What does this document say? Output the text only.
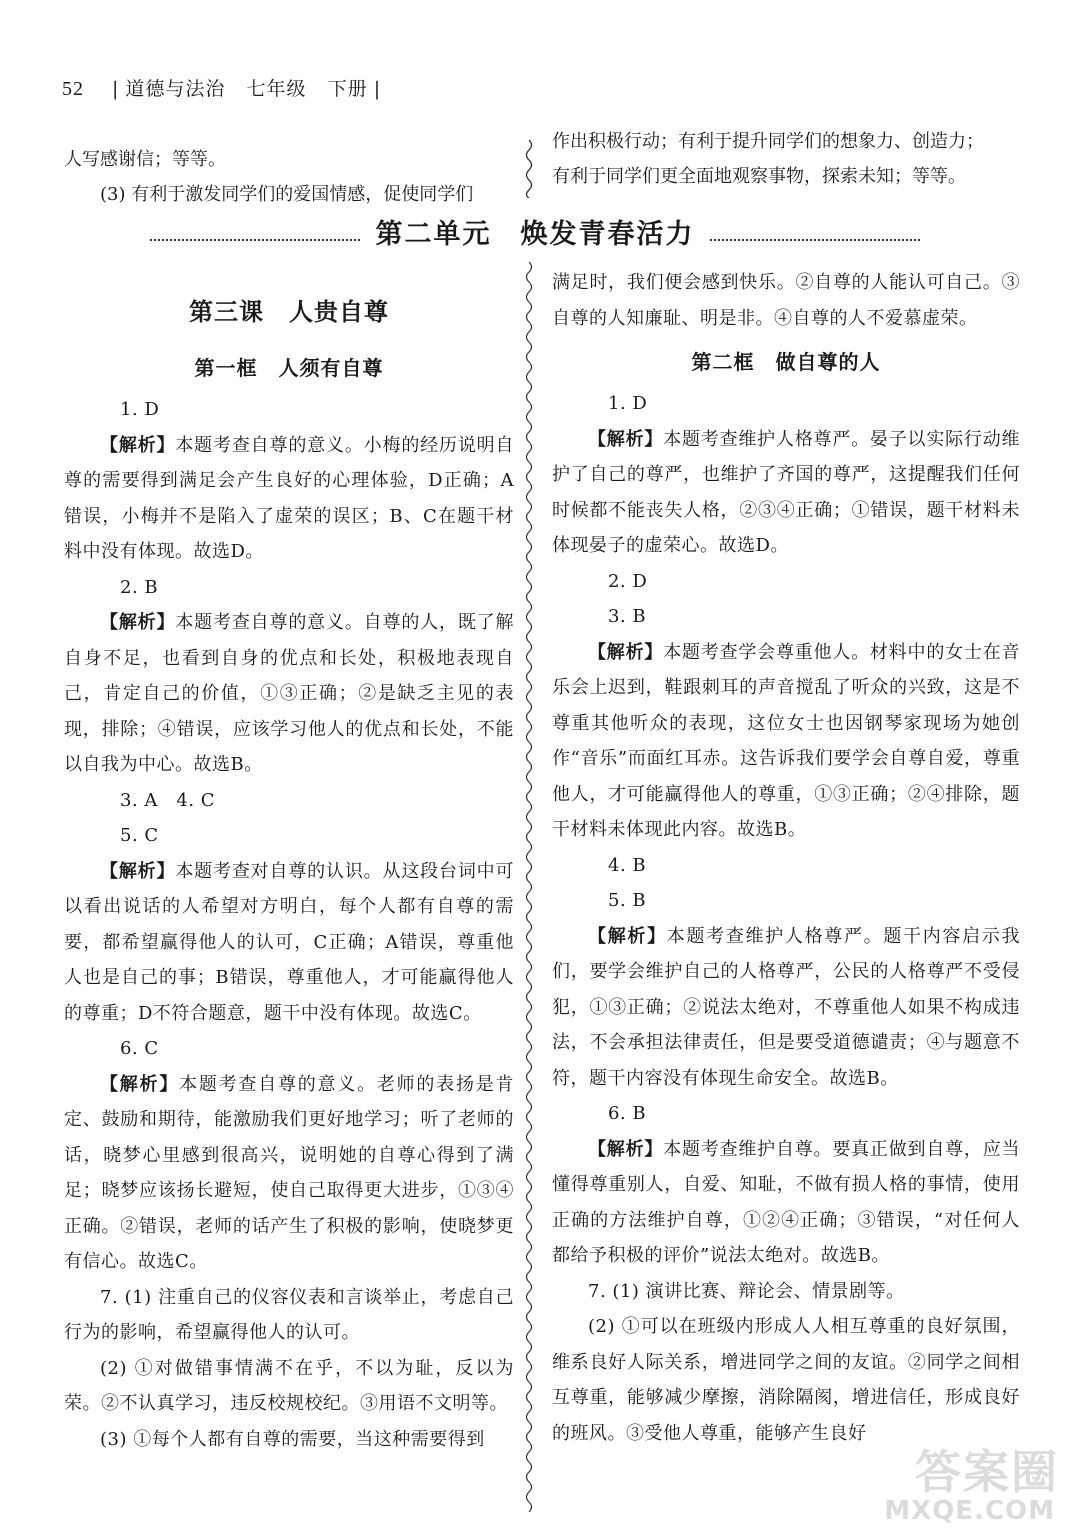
52 | 道德与法治 七年级 下册 |

人写感谢信；等等。

(3) 有利于激发同学们的爱国情感，促使同学们

作出积极行动；有利于提升同学们的想象力、创造力；

有利于同学们更全面地观察事物，探索未知；等等。

第二单元　焕发青春活力
第三课　人贵自尊
第一框　人须有自尊

1. D

【解析】本题考查自尊的意义。小梅的经历说明自尊的需要得到满足会产生良好的心理体验，D正确；A错误，小梅并不是陷入了虚荣的误区；B、C在题干材料中没有体现。故选D。

2. B

【解析】本题考查自尊的意义。自尊的人，既了解自身不足，也看到自身的优点和长处，积极地表现自己，肯定自己的价值，①③正确；②是缺乏主见的表现，排除；④错误，应该学习他人的优点和长处，不能以自我为中心。故选B。

3. A　4. C

5. C

【解析】本题考查对自尊的认识。从这段台词中可以看出说话的人希望对方明白，每个人都有自尊的需要，都希望赢得他人的认可，C正确；A错误，尊重他人也是自己的事；B错误，尊重他人，才可能赢得他人的尊重；D不符合题意，题干中没有体现。故选C。

6. C

【解析】本题考查自尊的意义。老师的表扬是肯定、鼓励和期待，能激励我们更好地学习；听了老师的话，晓梦心里感到很高兴，说明她的自尊心得到了满足；晓梦应该扬长避短，使自己取得更大进步，①③④正确。②错误，老师的话产生了积极的影响，使晓梦更有信心。故选C。

7. (1) 注重自己的仪容仪表和言谈举止，考虑自己行为的影响，希望赢得他人的认可。

(2) ①对做错事情满不在乎，不以为耻，反以为荣。②不认真学习，违反校规校纪。③用语不文明等。

(3) ①每个人都有自尊的需要，当这种需要得到

满足时，我们便会感到快乐。②自尊的人能认可自己。③自尊的人知廉耻、明是非。④自尊的人不爱慕虚荣。

第二框　做自尊的人

1. D

【解析】本题考查维护人格尊严。晏子以实际行动维护了自己的尊严，也维护了齐国的尊严，这提醒我们任何时候都不能丧失人格，②③④正确；①错误，题干材料未体现晏子的虚荣心。故选D。

2. D

3. B

【解析】本题考查学会尊重他人。材料中的女士在音乐会上迟到，鞋跟刺耳的声音搅乱了听众的兴致，这是不尊重其他听众的表现，这位女士也因钢琴家现场为她创作“音乐”而面红耳赤。这告诉我们要学会自尊自爱，尊重他人，才可能赢得他人的尊重，①③正确；②④排除，题干材料未体现此内容。故选B。

4. B

5. B

【解析】本题考查维护人格尊严。题干内容启示我们，要学会维护自己的人格尊严，公民的人格尊严不受侵犯，①③正确；②说法太绝对，不尊重他人如果不构成违法，不会承担法律责任，但是要受道德谴责；④与题意不符，题干内容没有体现生命安全。故选B。

6. B

【解析】本题考查维护自尊。要真正做到自尊，应当懂得尊重别人，自爱、知耻，不做有损人格的事情，使用正确的方法维护自尊，①②④正确；③错误，“对任何人都给予积极的评价”说法太绝对。故选B。

7. (1) 演讲比赛、辩论会、情景剧等。

(2) ①可以在班级内形成人人相互尊重的良好氛围，维系良好人际关系，增进同学之间的友谊。②同学之间相互尊重，能够减少摩擦，消除隔阂，增进信任，形成良好的班风。③受他人尊重，能够产生良好

答案圈
MXQE.COM
